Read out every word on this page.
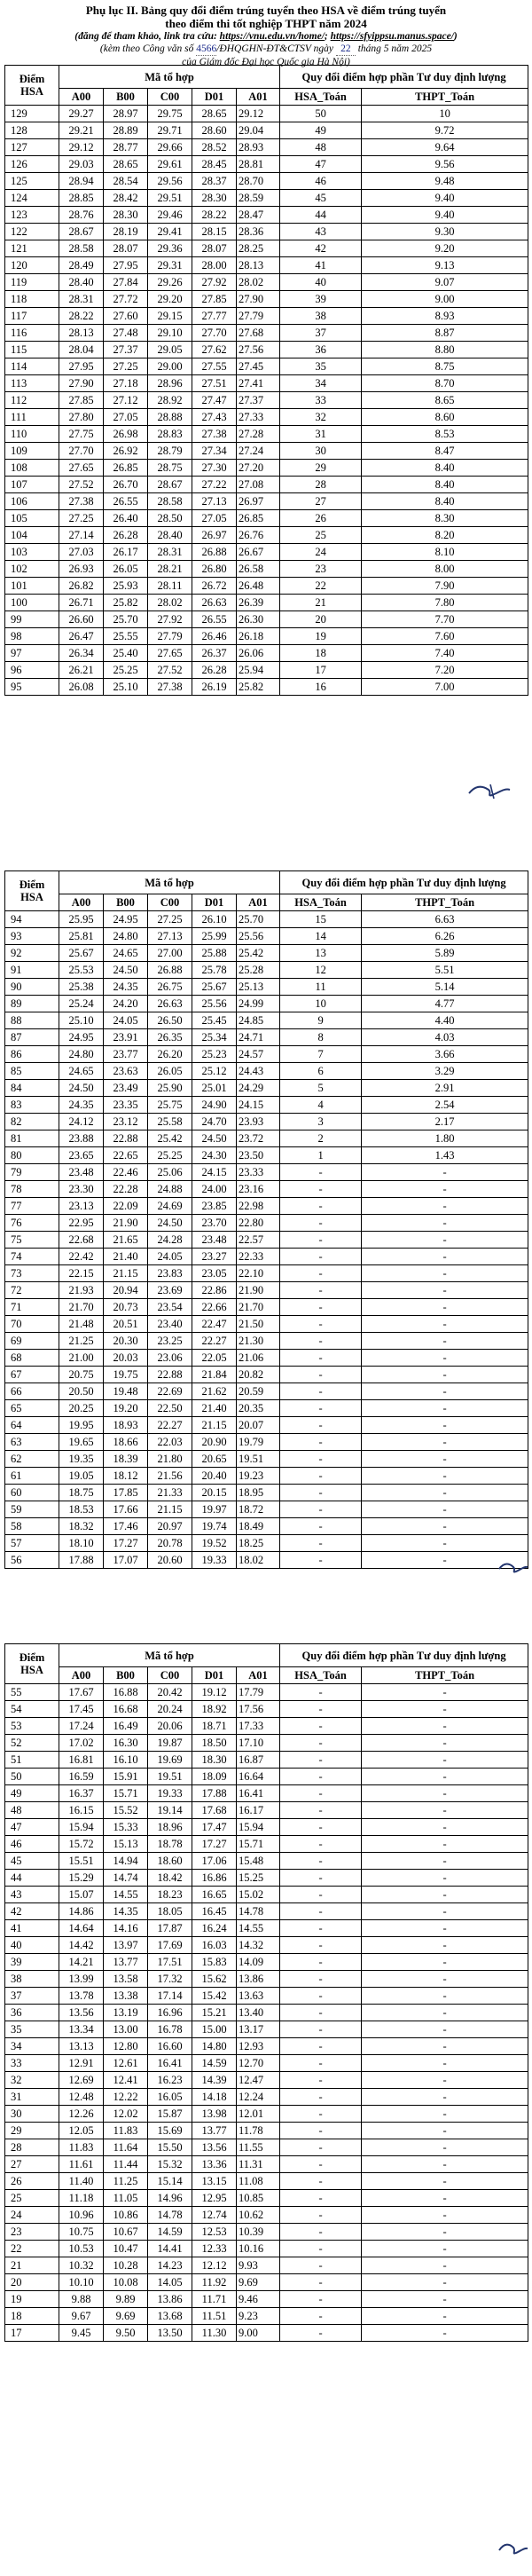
Phụ lục II. Bảng quy đổi điểm trúng tuyển theo HSA về điểm trúng tuyển
theo điểm thi tốt nghiệp THPT năm 2024
(đăng để tham khảo, link tra cứu: https://vnu.edu.vn/home/; https://sfyippsu.manus.space/)
(kèm theo Công văn số 4566/ĐHQGHN-ĐT&CTSV ngày 22 tháng 5 năm 2025
của Giám đốc Đại học Quốc gia Hà Nội)
Điểm
HSA	Mã tổ hợp					Quy đổi điểm hợp phần Tư duy định lượng	
	A00	B00	C00	D01	A01	HSA_Toán	THPT_Toán
129	29.27	28.97	29.75	28.65	29.12	50	10
128	29.21	28.89	29.71	28.60	29.04	49	9.72
127	29.12	28.77	29.66	28.52	28.93	48	9.64
126	29.03	28.65	29.61	28.45	28.81	47	9.56
125	28.94	28.54	29.56	28.37	28.70	46	9.48
124	28.85	28.42	29.51	28.30	28.59	45	9.40
123	28.76	28.30	29.46	28.22	28.47	44	9.40
122	28.67	28.19	29.41	28.15	28.36	43	9.30
121	28.58	28.07	29.36	28.07	28.25	42	9.20
120	28.49	27.95	29.31	28.00	28.13	41	9.13
119	28.40	27.84	29.26	27.92	28.02	40	9.07
118	28.31	27.72	29.20	27.85	27.90	39	9.00
117	28.22	27.60	29.15	27.77	27.79	38	8.93
116	28.13	27.48	29.10	27.70	27.68	37	8.87
115	28.04	27.37	29.05	27.62	27.56	36	8.80
114	27.95	27.25	29.00	27.55	27.45	35	8.75
113	27.90	27.18	28.96	27.51	27.41	34	8.70
112	27.85	27.12	28.92	27.47	27.37	33	8.65
111	27.80	27.05	28.88	27.43	27.33	32	8.60
110	27.75	26.98	28.83	27.38	27.28	31	8.53
109	27.70	26.92	28.79	27.34	27.24	30	8.47
108	27.65	26.85	28.75	27.30	27.20	29	8.40
107	27.52	26.70	28.67	27.22	27.08	28	8.40
106	27.38	26.55	28.58	27.13	26.97	27	8.40
105	27.25	26.40	28.50	27.05	26.85	26	8.30
104	27.14	26.28	28.40	26.97	26.76	25	8.20
103	27.03	26.17	28.31	26.88	26.67	24	8.10
102	26.93	26.05	28.21	26.80	26.58	23	8.00
101	26.82	25.93	28.11	26.72	26.48	22	7.90
100	26.71	25.82	28.02	26.63	26.39	21	7.80
99	26.60	25.70	27.92	26.55	26.30	20	7.70
98	26.47	25.55	27.79	26.46	26.18	19	7.60
97	26.34	25.40	27.65	26.37	26.06	18	7.40
96	26.21	25.25	27.52	26.28	25.94	17	7.20
95	26.08	25.10	27.38	26.19	25.82	16	7.00
Điểm
HSA	Mã tổ hợp					Quy đổi điểm hợp phần Tư duy định lượng	
	A00	B00	C00	D01	A01	HSA_Toán	THPT_Toán
94	25.95	24.95	27.25	26.10	25.70	15	6.63
93	25.81	24.80	27.13	25.99	25.56	14	6.26
92	25.67	24.65	27.00	25.88	25.42	13	5.89
91	25.53	24.50	26.88	25.78	25.28	12	5.51
90	25.38	24.35	26.75	25.67	25.13	11	5.14
89	25.24	24.20	26.63	25.56	24.99	10	4.77
88	25.10	24.05	26.50	25.45	24.85	9	4.40
87	24.95	23.91	26.35	25.34	24.71	8	4.03
86	24.80	23.77	26.20	25.23	24.57	7	3.66
85	24.65	23.63	26.05	25.12	24.43	6	3.29
84	24.50	23.49	25.90	25.01	24.29	5	2.91
83	24.35	23.35	25.75	24.90	24.15	4	2.54
82	24.12	23.12	25.58	24.70	23.93	3	2.17
81	23.88	22.88	25.42	24.50	23.72	2	1.80
80	23.65	22.65	25.25	24.30	23.50	1	1.43
79	23.48	22.46	25.06	24.15	23.33	-	-
78	23.30	22.28	24.88	24.00	23.16	-	-
77	23.13	22.09	24.69	23.85	22.98	-	-
76	22.95	21.90	24.50	23.70	22.80	-	-
75	22.68	21.65	24.28	23.48	22.57	-	-
74	22.42	21.40	24.05	23.27	22.33	-	-
73	22.15	21.15	23.83	23.05	22.10	-	-
72	21.93	20.94	23.69	22.86	21.90	-	-
71	21.70	20.73	23.54	22.66	21.70	-	-
70	21.48	20.51	23.40	22.47	21.50	-	-
69	21.25	20.30	23.25	22.27	21.30	-	-
68	21.00	20.03	23.06	22.05	21.06	-	-
67	20.75	19.75	22.88	21.84	20.82	-	-
66	20.50	19.48	22.69	21.62	20.59	-	-
65	20.25	19.20	22.50	21.40	20.35	-	-
64	19.95	18.93	22.27	21.15	20.07	-	-
63	19.65	18.66	22.03	20.90	19.79	-	-
62	19.35	18.39	21.80	20.65	19.51	-	-
61	19.05	18.12	21.56	20.40	19.23	-	-
60	18.75	17.85	21.33	20.15	18.95	-	-
59	18.53	17.66	21.15	19.97	18.72	-	-
58	18.32	17.46	20.97	19.74	18.49	-	-
57	18.10	17.27	20.78	19.52	18.25	-	-
56	17.88	17.07	20.60	19.33	18.02	-	-
Điểm
HSA	Mã tổ hợp					Quy đổi điểm hợp phần Tư duy định lượng	
	A00	B00	C00	D01	A01	HSA_Toán	THPT_Toán
55	17.67	16.88	20.42	19.12	17.79	-	-
54	17.45	16.68	20.24	18.92	17.56	-	-
53	17.24	16.49	20.06	18.71	17.33	-	-
52	17.02	16.30	19.87	18.50	17.10	-	-
51	16.81	16.10	19.69	18.30	16.87	-	-
50	16.59	15.91	19.51	18.09	16.64	-	-
49	16.37	15.71	19.33	17.88	16.41	-	-
48	16.15	15.52	19.14	17.68	16.17	-	-
47	15.94	15.33	18.96	17.47	15.94	-	-
46	15.72	15.13	18.78	17.27	15.71	-	-
45	15.51	14.94	18.60	17.06	15.48	-	-
44	15.29	14.74	18.42	16.86	15.25	-	-
43	15.07	14.55	18.23	16.65	15.02	-	-
42	14.86	14.35	18.05	16.45	14.78	-	-
41	14.64	14.16	17.87	16.24	14.55	-	-
40	14.42	13.97	17.69	16.03	14.32	-	-
39	14.21	13.77	17.51	15.83	14.09	-	-
38	13.99	13.58	17.32	15.62	13.86	-	-
37	13.78	13.38	17.14	15.42	13.63	-	-
36	13.56	13.19	16.96	15.21	13.40	-	-
35	13.34	13.00	16.78	15.00	13.17	-	-
34	13.13	12.80	16.60	14.80	12.93	-	-
33	12.91	12.61	16.41	14.59	12.70	-	-
32	12.69	12.41	16.23	14.39	12.47	-	-
31	12.48	12.22	16.05	14.18	12.24	-	-
30	12.26	12.02	15.87	13.98	12.01	-	-
29	12.05	11.83	15.69	13.77	11.78	-	-
28	11.83	11.64	15.50	13.56	11.55	-	-
27	11.61	11.44	15.32	13.36	11.31	-	-
26	11.40	11.25	15.14	13.15	11.08	-	-
25	11.18	11.05	14.96	12.95	10.85	-	-
24	10.96	10.86	14.78	12.74	10.62	-	-
23	10.75	10.67	14.59	12.53	10.39	-	-
22	10.53	10.47	14.41	12.33	10.16	-	-
21	10.32	10.28	14.23	12.12	9.93	-	-
20	10.10	10.08	14.05	11.92	9.69	-	-
19	9.88	9.89	13.86	11.71	9.46	-	-
18	9.67	9.69	13.68	11.51	9.23	-	-
17	9.45	9.50	13.50	11.30	9.00	-	-
